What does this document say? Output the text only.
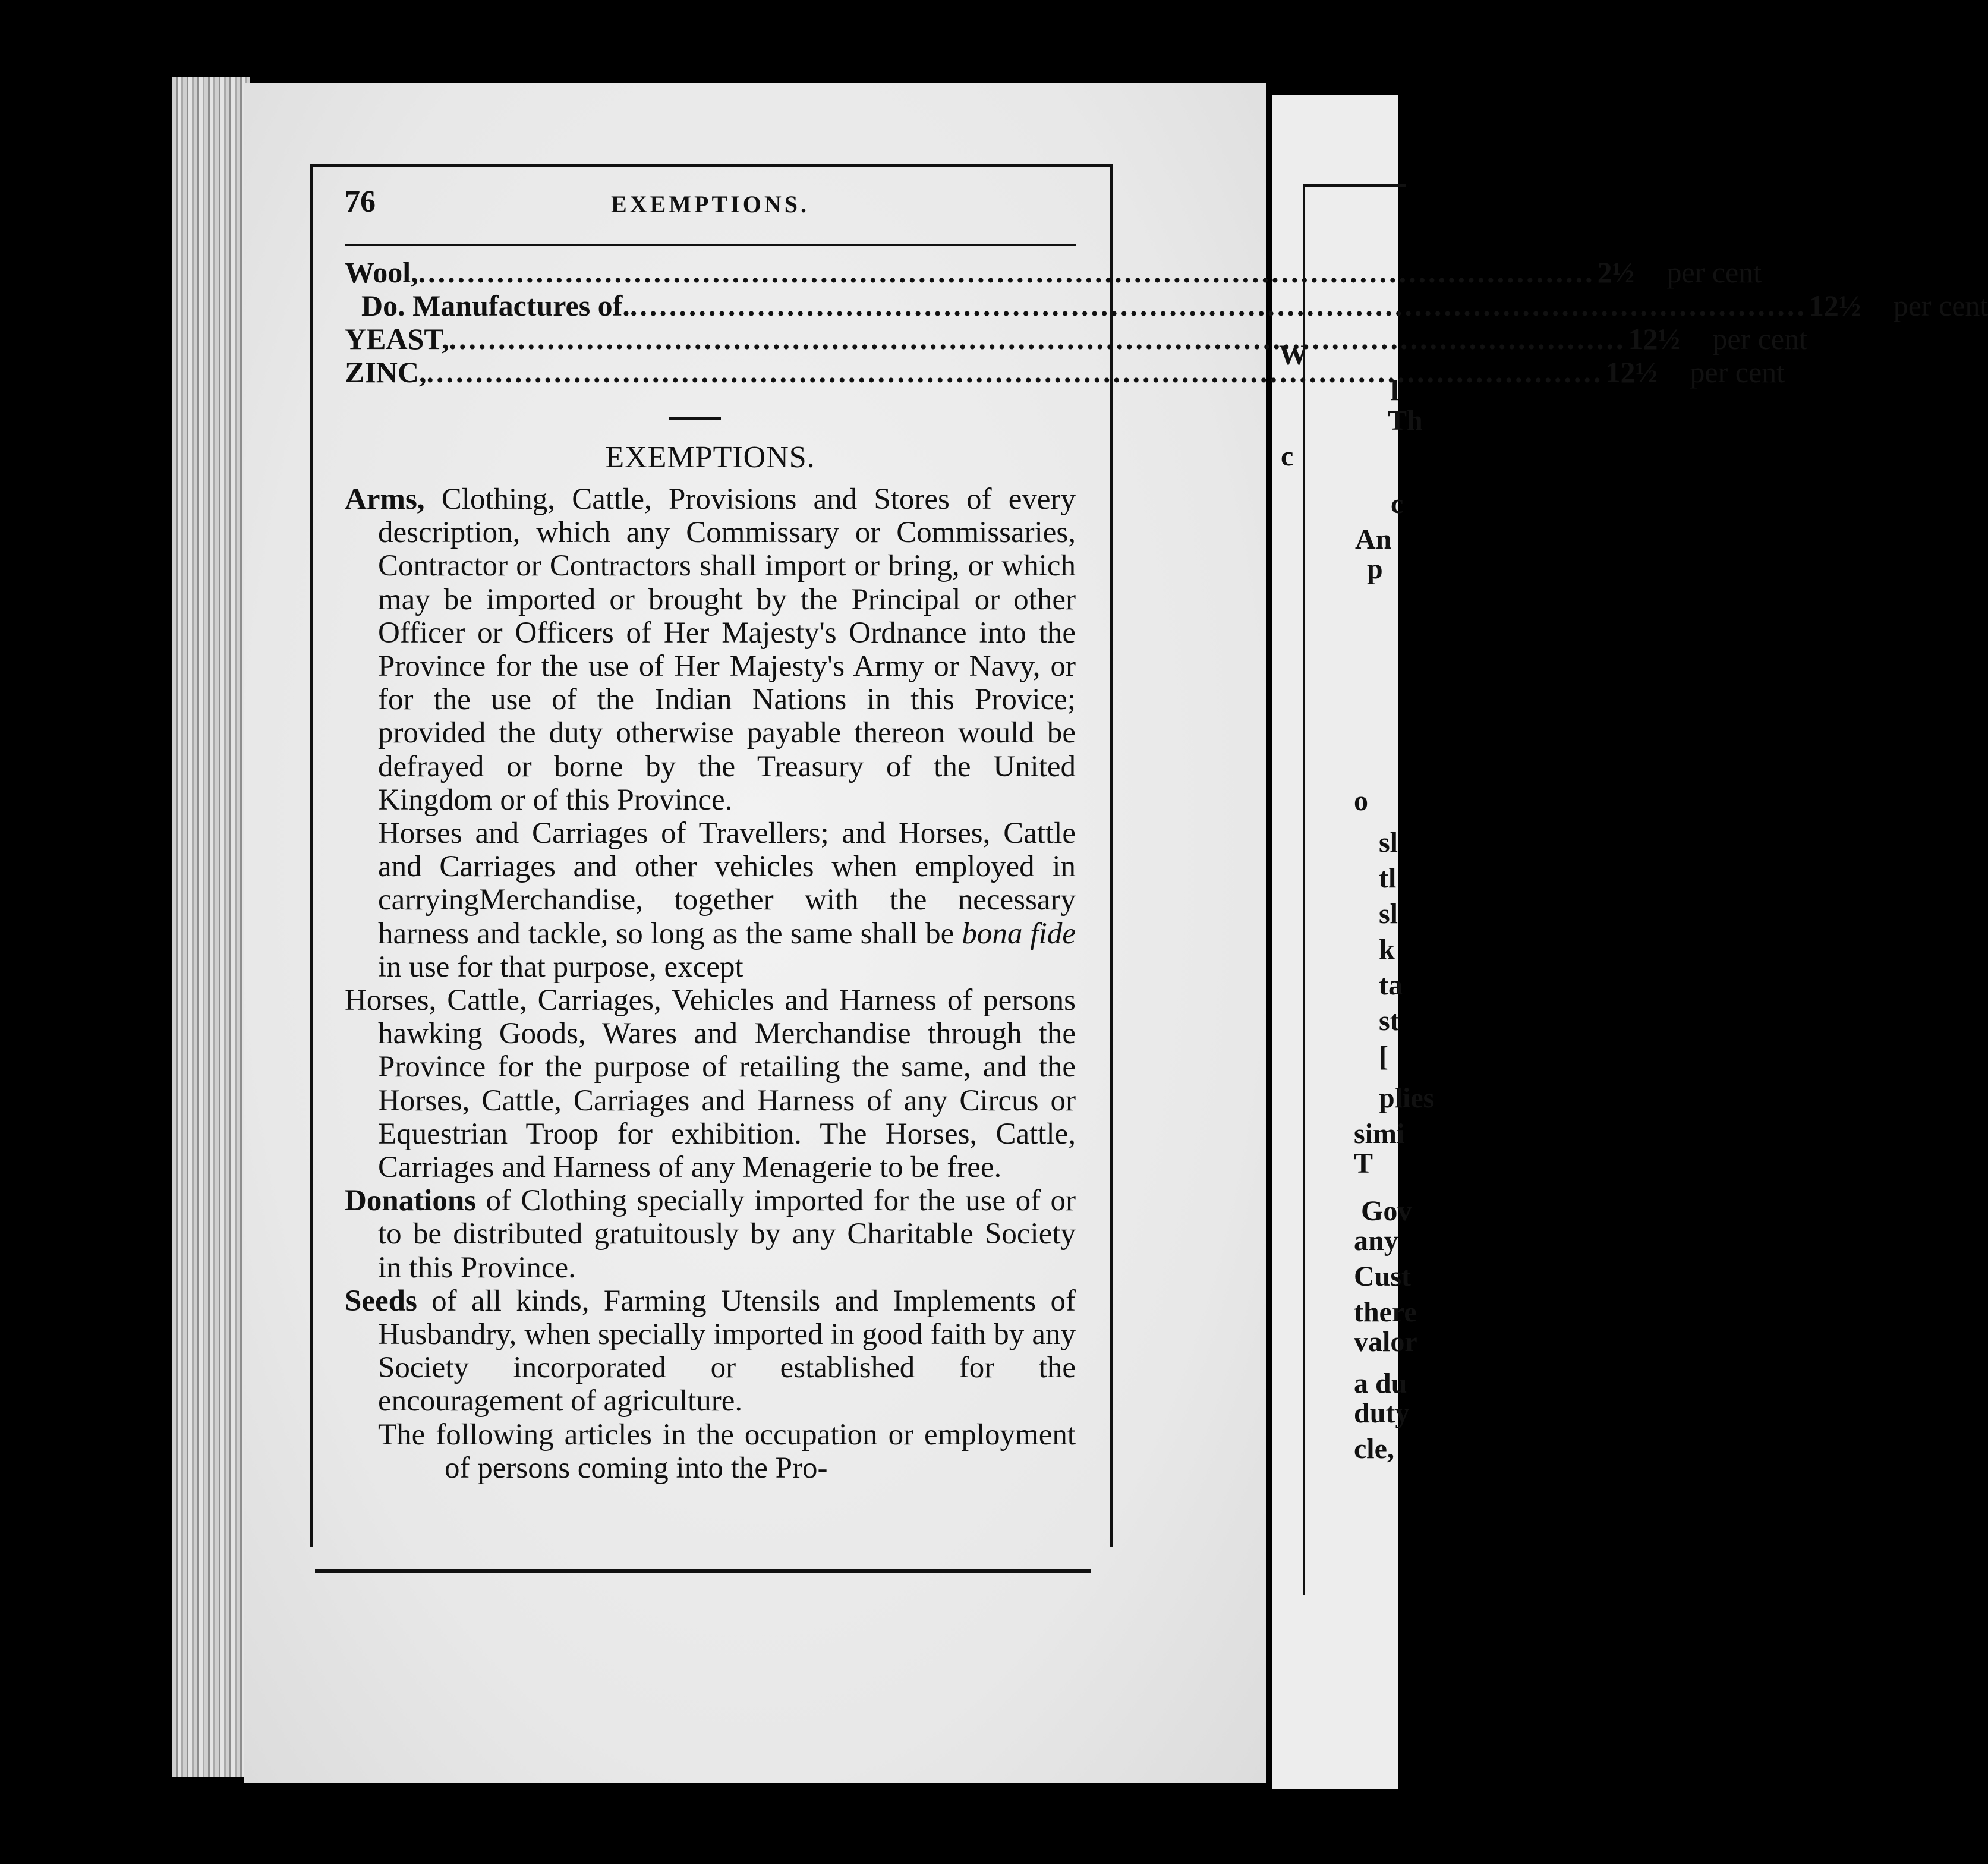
W
l
Th
c
c
An
p
o
sl
tl
sl
k
ta
st
[
plies
simi
T
Gov
any
Cust
there
valor
a du
duty
cle,
76	EXEMPTIONS.
Wool, .....	2½	per cent
Do. Manufactures of. .....	12½	per cent
YEAST, .....	12½	per cent
ZINC, .....	12½	per cent
EXEMPTIONS.

Arms, Clothing, Cattle, Provisions and Stores of every description, which any Commissary or Commissaries, Contractor or Contractors shall import or bring, or which may be imported or brought by the Principal or other Officer or Officers of Her Majesty's Ordnance into the Province for the use of Her Majesty's Army or Navy, or for the use of the Indian Nations in this Provice; provided the duty otherwise payable thereon would be defrayed or borne by the Treasury of the United Kingdom or of this Province.

Horses and Carriages of Travellers; and Horses, Cattle and Carriages and other vehicles when employed in carryingMerchandise, together with the necessary harness and tackle, so long as the same shall be bona fide in use for that purpose, except

Horses, Cattle, Carriages, Vehicles and Harness of persons hawking Goods, Wares and Merchandise through the Province for the purpose of retailing the same, and the Horses, Cattle, Carriages and Harness of any Circus or Equestrian Troop for exhibition. The Horses, Cattle, Carriages and Harness of any Menagerie to be free.

Donations of Clothing specially imported for the use of or to be distributed gratuitously by any Charitable Society in this Province.

Seeds of all kinds, Farming Utensils and Implements of Husbandry, when specially imported in good faith by any Society incorporated or established for the encouragement of agriculture.

The following articles in the occupation or employment of persons coming into the Pro-
